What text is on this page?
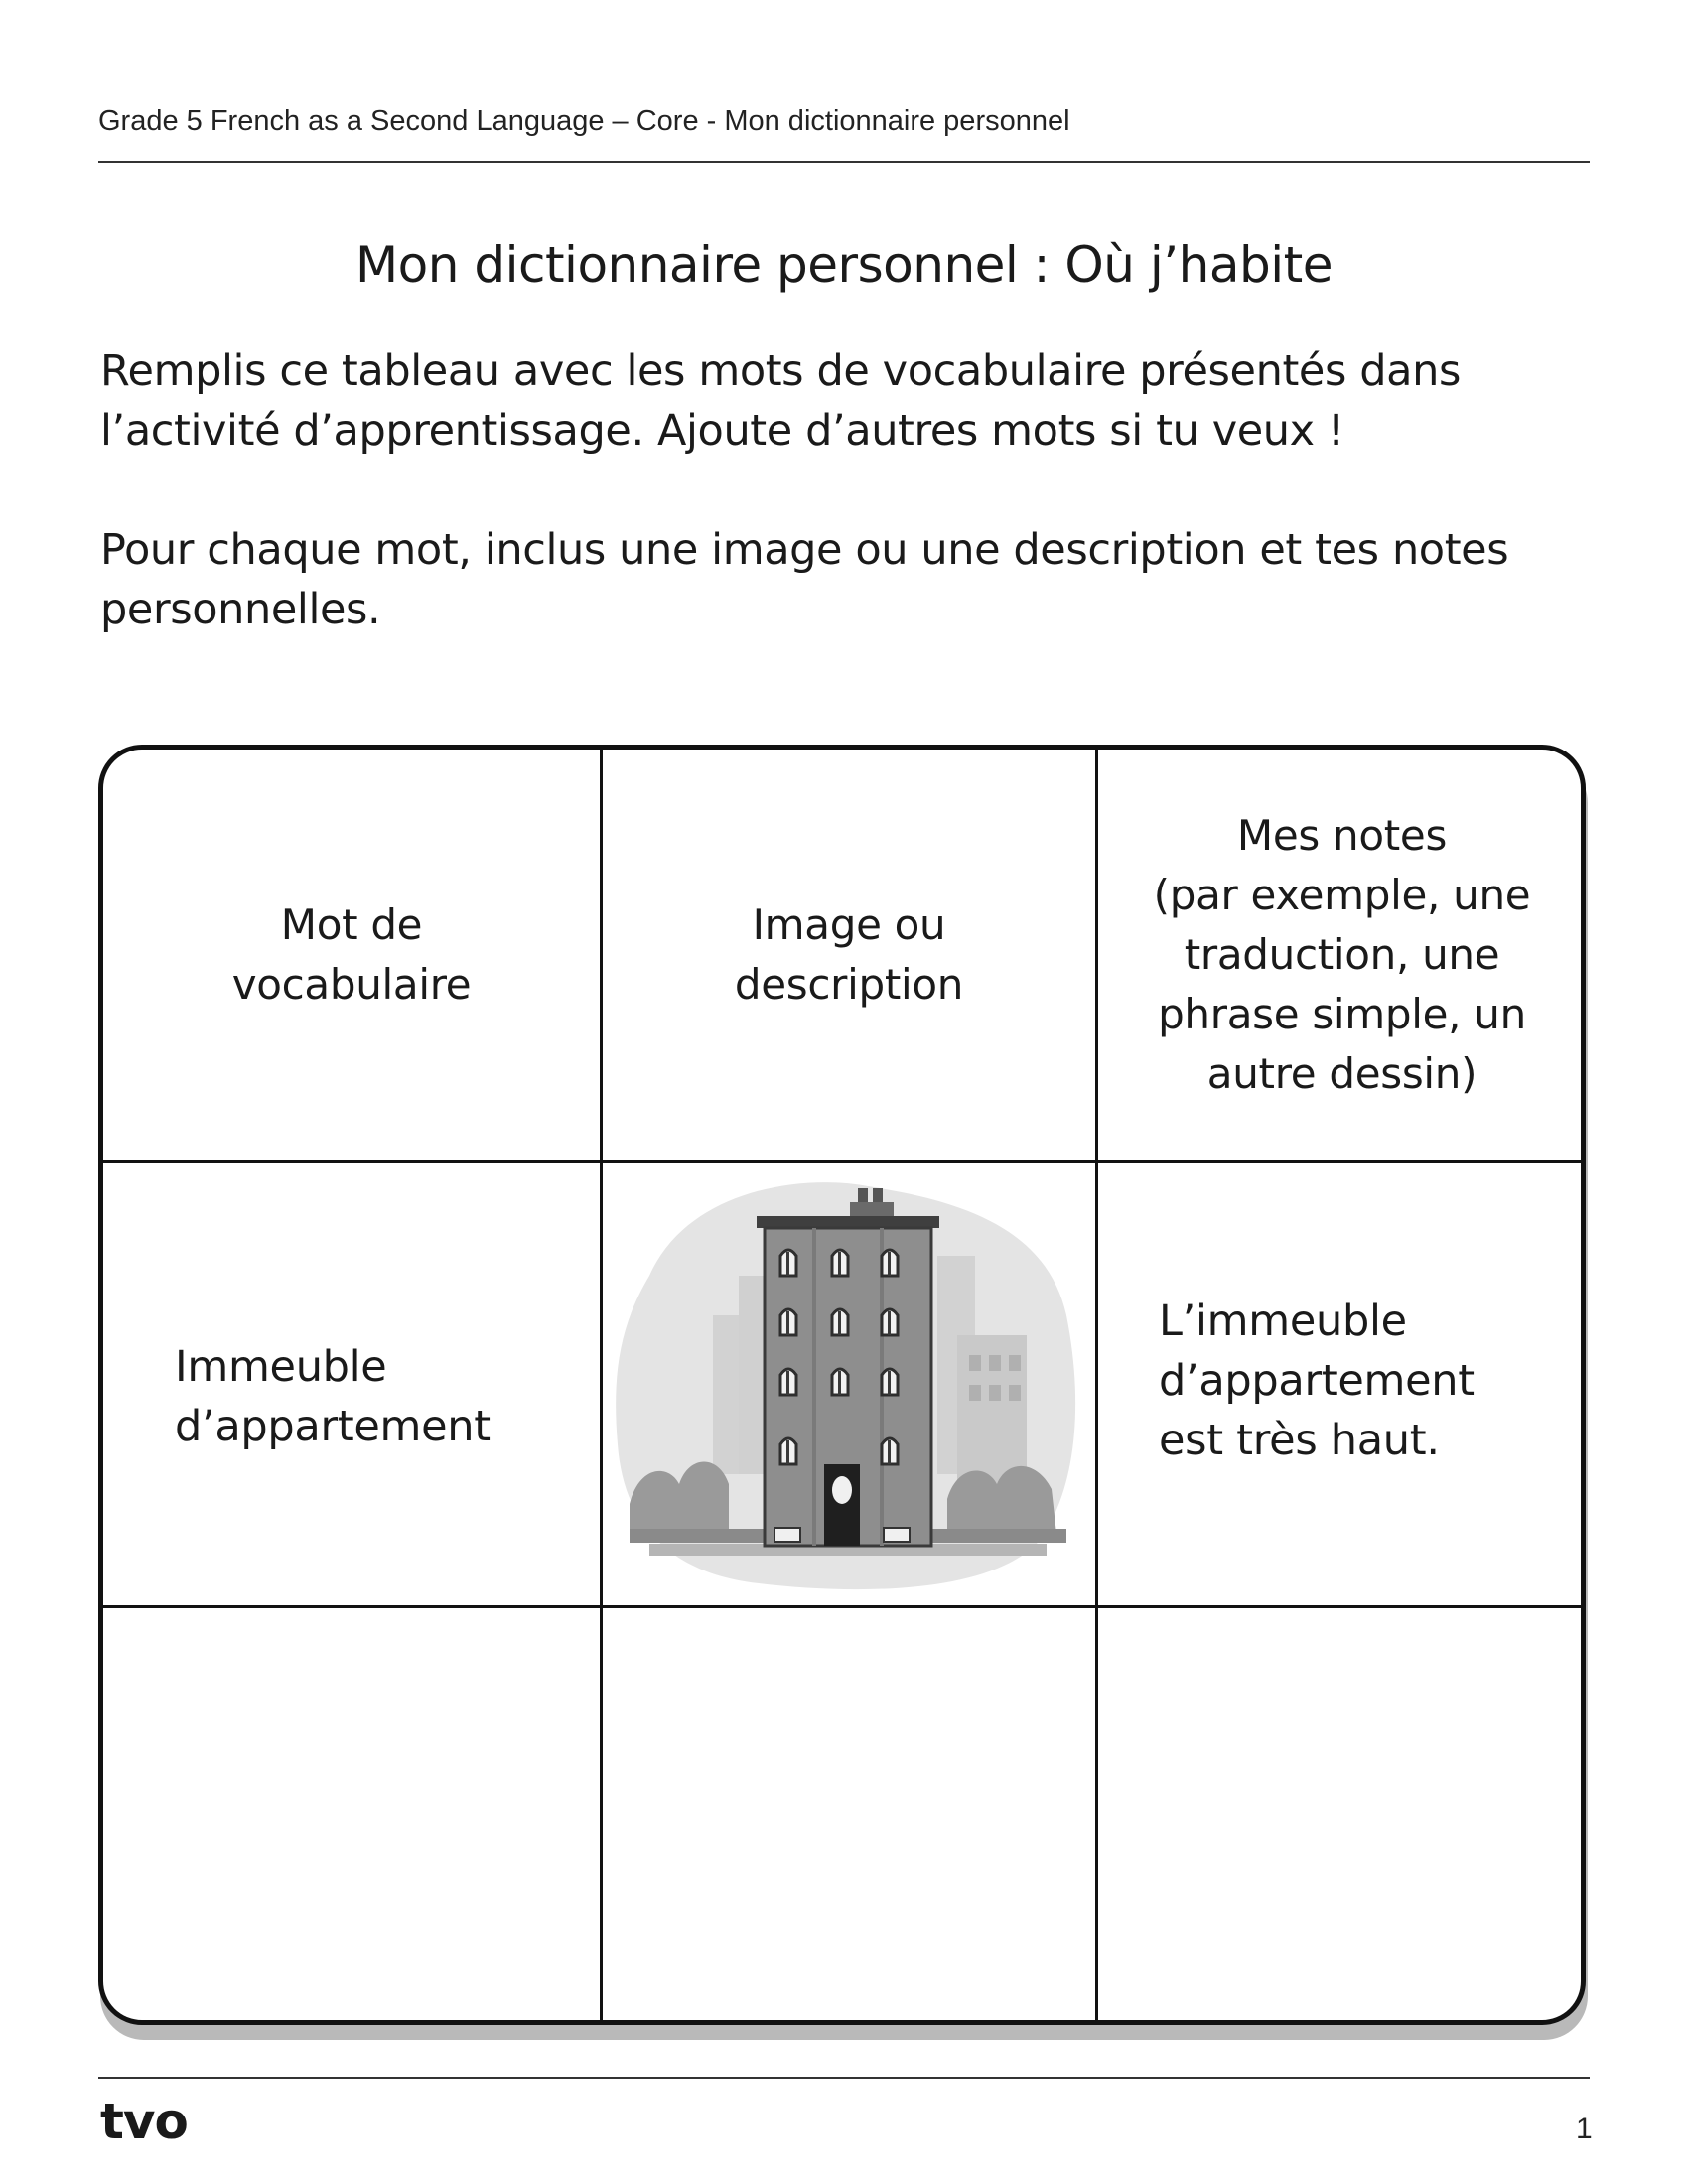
Grade 5 French as a Second Language – Core - Mon dictionnaire personnel
Mon dictionnaire personnel : Où j’habite
Remplis ce tableau avec les mots de vocabulaire présentés dans
l’activité d’apprentissage. Ajoute d’autres mots si tu veux !
Pour chaque mot, inclus une image ou une description et tes notes
personnelles.
Mot de
vocabulaire
Image ou
description
Mes notes
(par exemple, une
traduction, une
phrase simple, un
autre dessin)
Immeuble
d’appartement
L’immeuble
d’appartement
est très haut.
tvo	1
